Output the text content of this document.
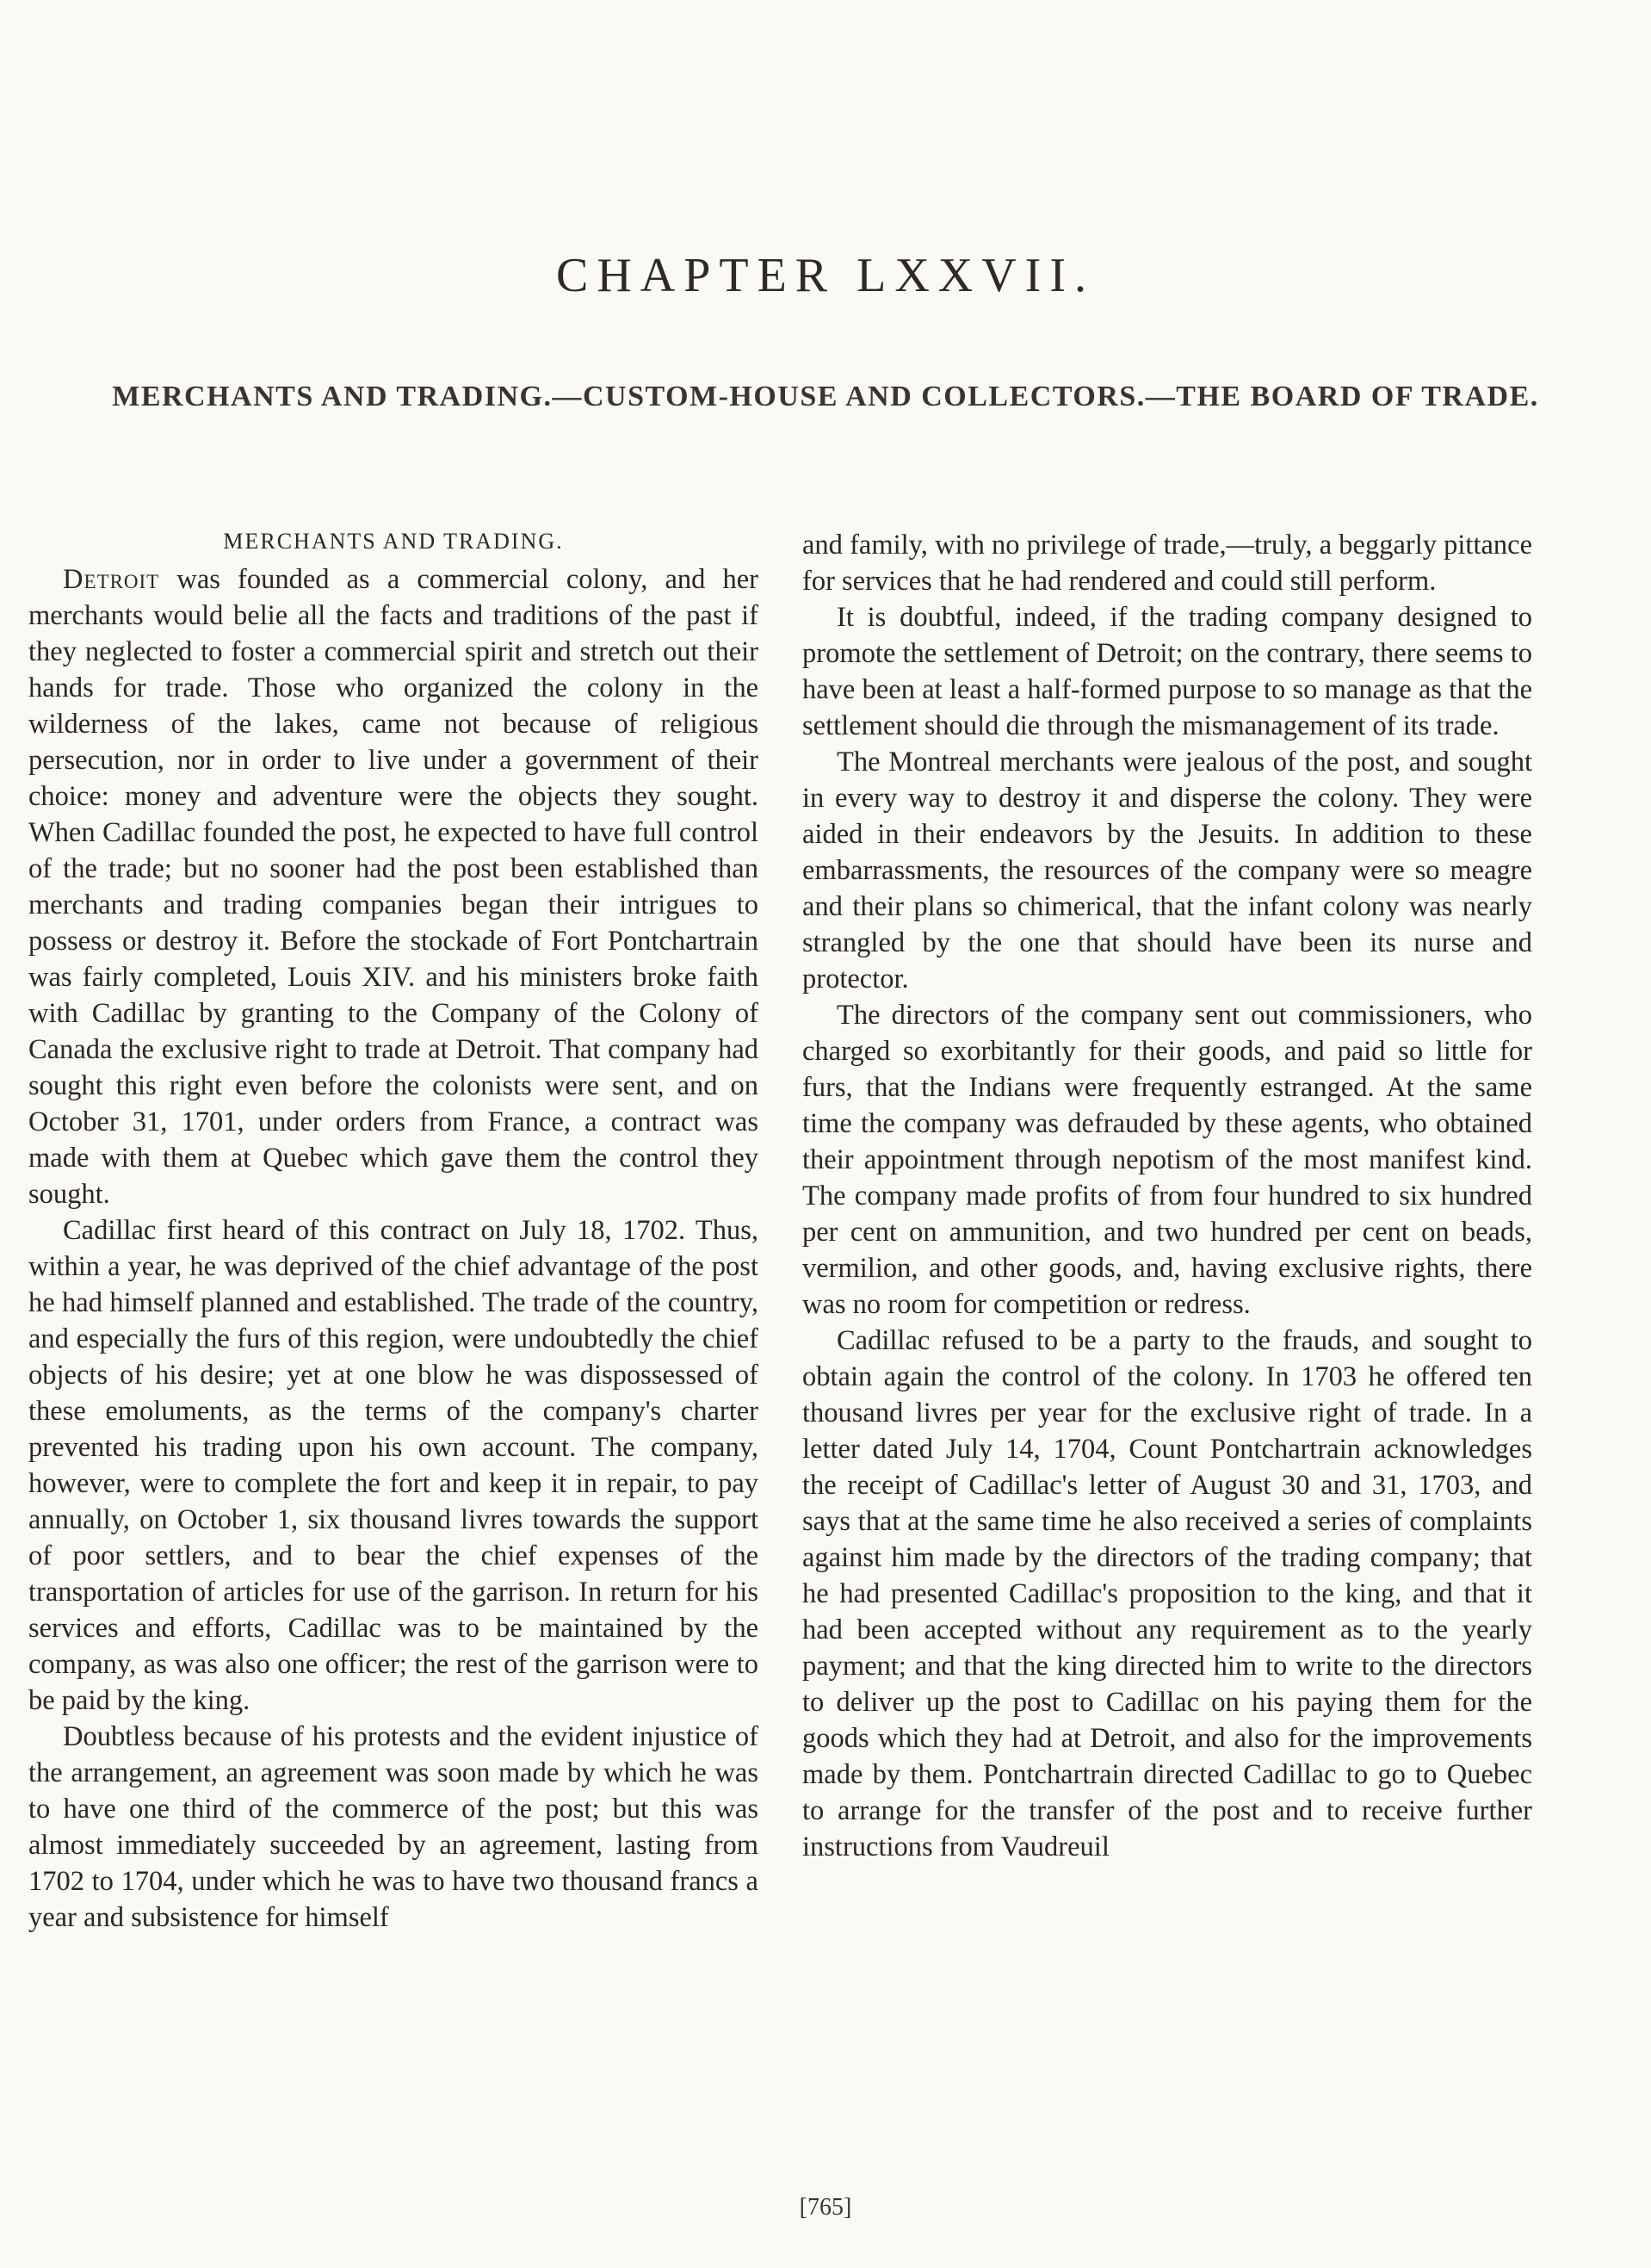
CHAPTER LXXVII.
MERCHANTS AND TRADING.—CUSTOM-HOUSE AND COLLECTORS.—THE BOARD OF TRADE.
MERCHANTS AND TRADING.

Detroit was founded as a commercial colony, and her merchants would belie all the facts and traditions of the past if they neglected to foster a commercial spirit and stretch out their hands for trade. Those who organized the colony in the wilderness of the lakes, came not because of religious persecution, nor in order to live under a government of their choice: money and adventure were the objects they sought. When Cadillac founded the post, he expected to have full control of the trade; but no sooner had the post been established than merchants and trading companies began their intrigues to possess or destroy it. Before the stockade of Fort Pontchartrain was fairly completed, Louis XIV. and his ministers broke faith with Cadillac by granting to the Company of the Colony of Canada the exclusive right to trade at Detroit. That company had sought this right even before the colonists were sent, and on October 31, 1701, under orders from France, a contract was made with them at Quebec which gave them the control they sought.

Cadillac first heard of this contract on July 18, 1702. Thus, within a year, he was deprived of the chief advantage of the post he had himself planned and established. The trade of the country, and especially the furs of this region, were undoubtedly the chief objects of his desire; yet at one blow he was dispossessed of these emoluments, as the terms of the company's charter prevented his trading upon his own account. The company, however, were to complete the fort and keep it in repair, to pay annually, on October 1, six thousand livres towards the support of poor settlers, and to bear the chief expenses of the transportation of articles for use of the garrison. In return for his services and efforts, Cadillac was to be maintained by the company, as was also one officer; the rest of the garrison were to be paid by the king.

Doubtless because of his protests and the evident injustice of the arrangement, an agreement was soon made by which he was to have one third of the commerce of the post; but this was almost immediately succeeded by an agreement, lasting from 1702 to 1704, under which he was to have two thousand francs a year and subsistence for himself

and family, with no privilege of trade,—truly, a beggarly pittance for services that he had rendered and could still perform.

It is doubtful, indeed, if the trading company designed to promote the settlement of Detroit; on the contrary, there seems to have been at least a half-formed purpose to so manage as that the settlement should die through the mismanagement of its trade.

The Montreal merchants were jealous of the post, and sought in every way to destroy it and disperse the colony. They were aided in their endeavors by the Jesuits. In addition to these embarrassments, the resources of the company were so meagre and their plans so chimerical, that the infant colony was nearly strangled by the one that should have been its nurse and protector.

The directors of the company sent out commissioners, who charged so exorbitantly for their goods, and paid so little for furs, that the Indians were frequently estranged. At the same time the company was defrauded by these agents, who obtained their appointment through nepotism of the most manifest kind. The company made profits of from four hundred to six hundred per cent on ammunition, and two hundred per cent on beads, vermilion, and other goods, and, having exclusive rights, there was no room for competition or redress.

Cadillac refused to be a party to the frauds, and sought to obtain again the control of the colony. In 1703 he offered ten thousand livres per year for the exclusive right of trade. In a letter dated July 14, 1704, Count Pontchartrain acknowledges the receipt of Cadillac's letter of August 30 and 31, 1703, and says that at the same time he also received a series of complaints against him made by the directors of the trading company; that he had presented Cadillac's proposition to the king, and that it had been accepted without any requirement as to the yearly payment; and that the king directed him to write to the directors to deliver up the post to Cadillac on his paying them for the goods which they had at Detroit, and also for the improvements made by them. Pontchartrain directed Cadillac to go to Quebec to arrange for the transfer of the post and to receive further instructions from Vaudreuil

[765]
